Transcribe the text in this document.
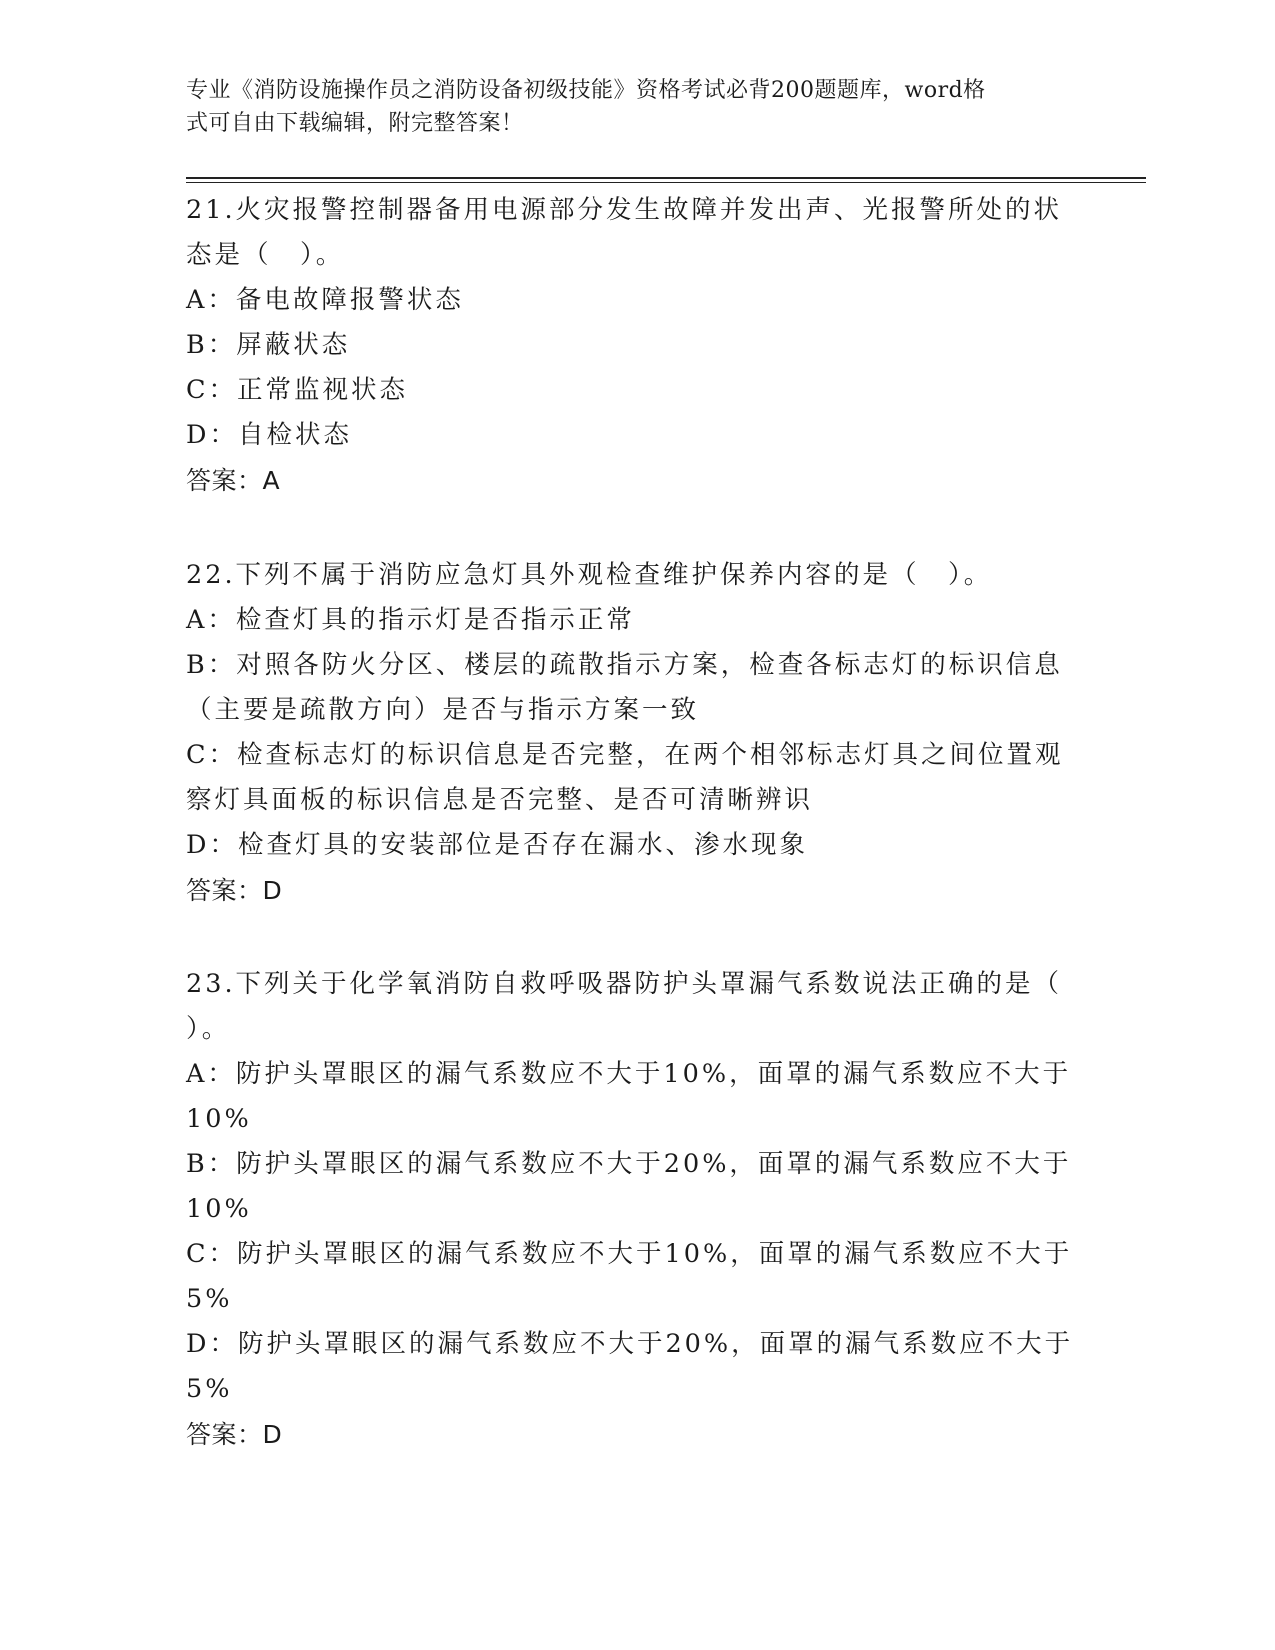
专业《消防设施操作员之消防设备初级技能》资格考试必背200题题库，word格
式可自由下载编辑，附完整答案！
21.火灾报警控制器备用电源部分发生故障并发出声、光报警所处的状
态是（　）。
A：备电故障报警状态
B：屏蔽状态
C：正常监视状态
D：自检状态
答案：A
22.下列不属于消防应急灯具外观检查维护保养内容的是（　）。
A：检查灯具的指示灯是否指示正常
B：对照各防火分区、楼层的疏散指示方案，检查各标志灯的标识信息
（主要是疏散方向）是否与指示方案一致
C：检查标志灯的标识信息是否完整，在两个相邻标志灯具之间位置观
察灯具面板的标识信息是否完整、是否可清晰辨识
D：检查灯具的安装部位是否存在漏水、渗水现象
答案：D
23.下列关于化学氧消防自救呼吸器防护头罩漏气系数说法正确的是（
）。
A：防护头罩眼区的漏气系数应不大于10%，面罩的漏气系数应不大于
10%
B：防护头罩眼区的漏气系数应不大于20%，面罩的漏气系数应不大于
10%
C：防护头罩眼区的漏气系数应不大于10%，面罩的漏气系数应不大于
5%
D：防护头罩眼区的漏气系数应不大于20%，面罩的漏气系数应不大于
5%
答案：D
